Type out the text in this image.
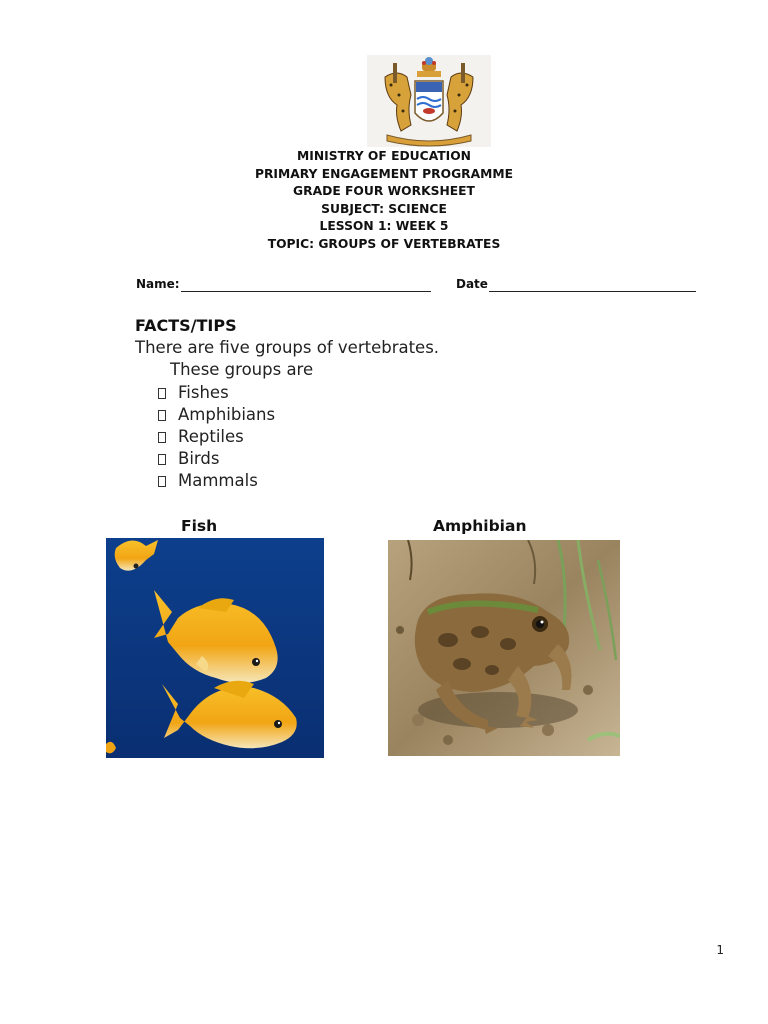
MINISTRY OF EDUCATION
PRIMARY ENGAGEMENT PROGRAMME
GRADE FOUR WORKSHEET
SUBJECT: SCIENCE
LESSON 1: WEEK 5
TOPIC: GROUPS OF VERTEBRATES
Name:	Date
FACTS/TIPS
There are five groups of vertebrates.
These groups are
Fishes
Amphibians
Reptiles
Birds
Mammals
Fish	Amphibian
1
